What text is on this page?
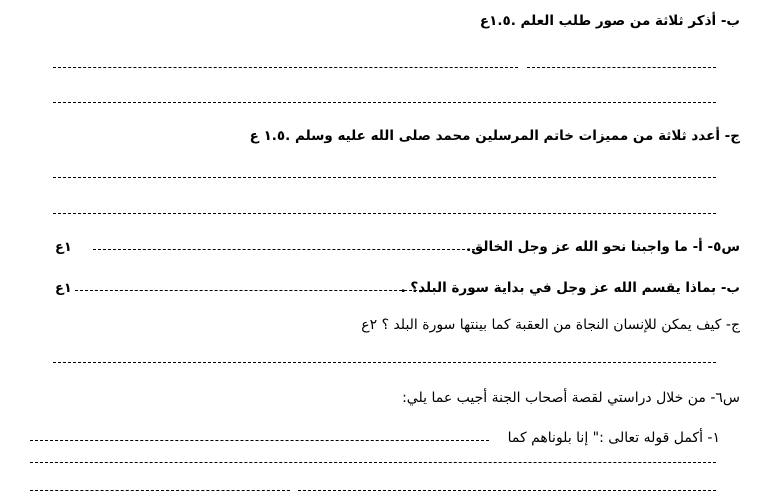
ب- أذكر ثلاثة من صور طلب العلم .١.٥ع
ج- أعدد ثلاثة من مميزات خاتم المرسلين محمد صلى الله عليه وسلم .١.٥ ع
س٥- أ- ما واجبنا نحو الله عز وجل الخالق.
١ع
ب- بماذا يقسم الله عز وجل في بداية سورة البلد؟ .
١ع
ج- كيف يمكن للإنسان النجاة من العقبة كما بينتها سورة البلد ؟ ٢ع
س٦- من خلال دراستي لقصة أصحاب الجنة أجيب عما يلي:
١- أكمل قوله تعالى :" إنا بلوناهم كما
